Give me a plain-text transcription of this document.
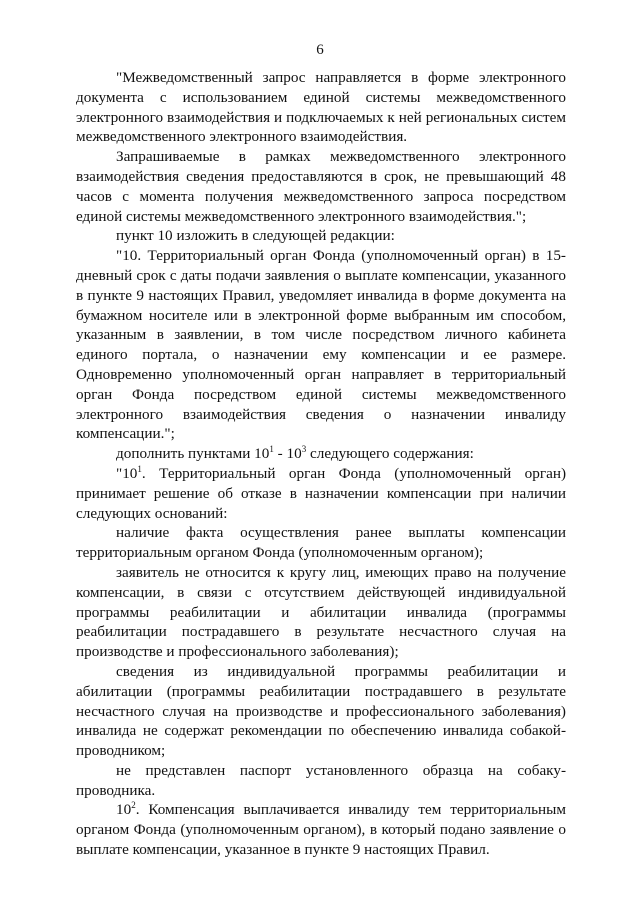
6

"Межведомственный запрос направляется в форме электронного документа с использованием единой системы межведомственного электронного взаимодействия и подключаемых к ней региональных систем межведомственного электронного взаимодействия.

Запрашиваемые в рамках межведомственного электронного взаимодействия сведения предоставляются в срок, не превышающий 48 часов с момента получения межведомственного запроса посредством единой системы межведомственного электронного взаимодействия.";

пункт 10 изложить в следующей редакции:

"10. Территориальный орган Фонда (уполномоченный орган) в 15-дневный срок с даты подачи заявления о выплате компенсации, указанного в пункте 9 настоящих Правил, уведомляет инвалида в форме документа на бумажном носителе или в электронной форме выбранным им способом, указанным в заявлении, в том числе посредством личного кабинета единого портала, о назначении ему компенсации и ее размере. Одновременно уполномоченный орган направляет в территориальный орган Фонда посредством единой системы межведомственного электронного взаимодействия сведения о назначении инвалиду компенсации.";

дополнить пунктами $10^1 - 10^3$ следующего содержания:

"$10^1$. Территориальный орган Фонда (уполномоченный орган) принимает решение об отказе в назначении компенсации при наличии следующих оснований:

наличие факта осуществления ранее выплаты компенсации территориальным органом Фонда (уполномоченным органом);

заявитель не относится к кругу лиц, имеющих право на получение компенсации, в связи с отсутствием действующей индивидуальной программы реабилитации и абилитации инвалида (программы реабилитации пострадавшего в результате несчастного случая на производстве и профессионального заболевания);

сведения из индивидуальной программы реабилитации и абилитации (программы реабилитации пострадавшего в результате несчастного случая на производстве и профессионального заболевания) инвалида не содержат рекомендации по обеспечению инвалида собакой-проводником;

не представлен паспорт установленного образца на собаку-проводника.

$10^2$. Компенсация выплачивается инвалиду тем территориальным органом Фонда (уполномоченным органом), в который подано заявление о выплате компенсации, указанное в пункте 9 настоящих Правил.
